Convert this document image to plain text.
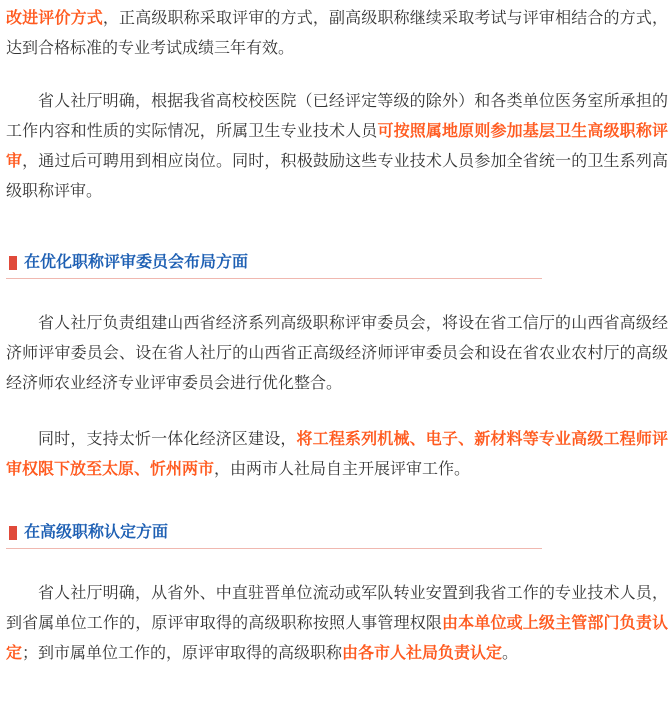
改进评价方式，正高级职称采取评审的方式，副高级职称继续采取考试与评审相结合的方式，达到合格标准的专业考试成绩三年有效。

省人社厅明确，根据我省高校校医院（已经评定等级的除外）和各类单位医务室所承担的工作内容和性质的实际情况，所属卫生专业技术人员可按照属地原则参加基层卫生高级职称评审，通过后可聘用到相应岗位。同时，积极鼓励这些专业技术人员参加全省统一的卫生系列高级职称评审。

在优化职称评审委员会布局方面

省人社厅负责组建山西省经济系列高级职称评审委员会，将设在省工信厅的山西省高级经济师评审委员会、设在省人社厅的山西省正高级经济师评审委员会和设在省农业农村厅的高级经济师农业经济专业评审委员会进行优化整合。

同时，支持太忻一体化经济区建设，将工程系列机械、电子、新材料等专业高级工程师评审权限下放至太原、忻州两市，由两市人社局自主开展评审工作。

在高级职称认定方面

省人社厅明确，从省外、中直驻晋单位流动或军队转业安置到我省工作的专业技术人员，到省属单位工作的，原评审取得的高级职称按照人事管理权限由本单位或上级主管部门负责认定；到市属单位工作的，原评审取得的高级职称由各市人社局负责认定。
